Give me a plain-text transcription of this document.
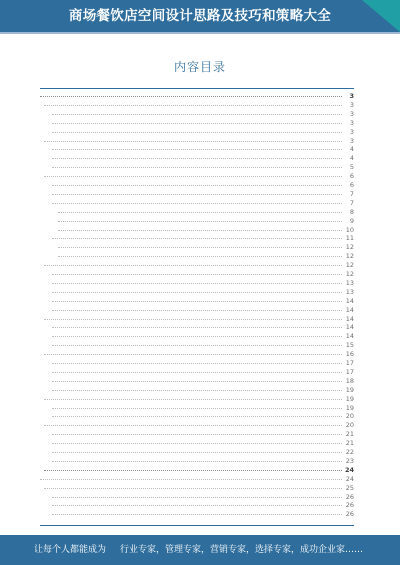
商场餐饮店空间设计思路及技巧和策略大全
内容目录
3
3
3
3
3
3
4
4
5
6
6
7
7
8
9
10
11
12
12
12
12
13
13
14
14
14
14
14
15
16
17
17
18
19
19
19
20
20
21
21
22
23
24
24
25
26
26
26
让每个人都能成为 行业专家，管理专家，营销专家，选择专家，成功企业家……
